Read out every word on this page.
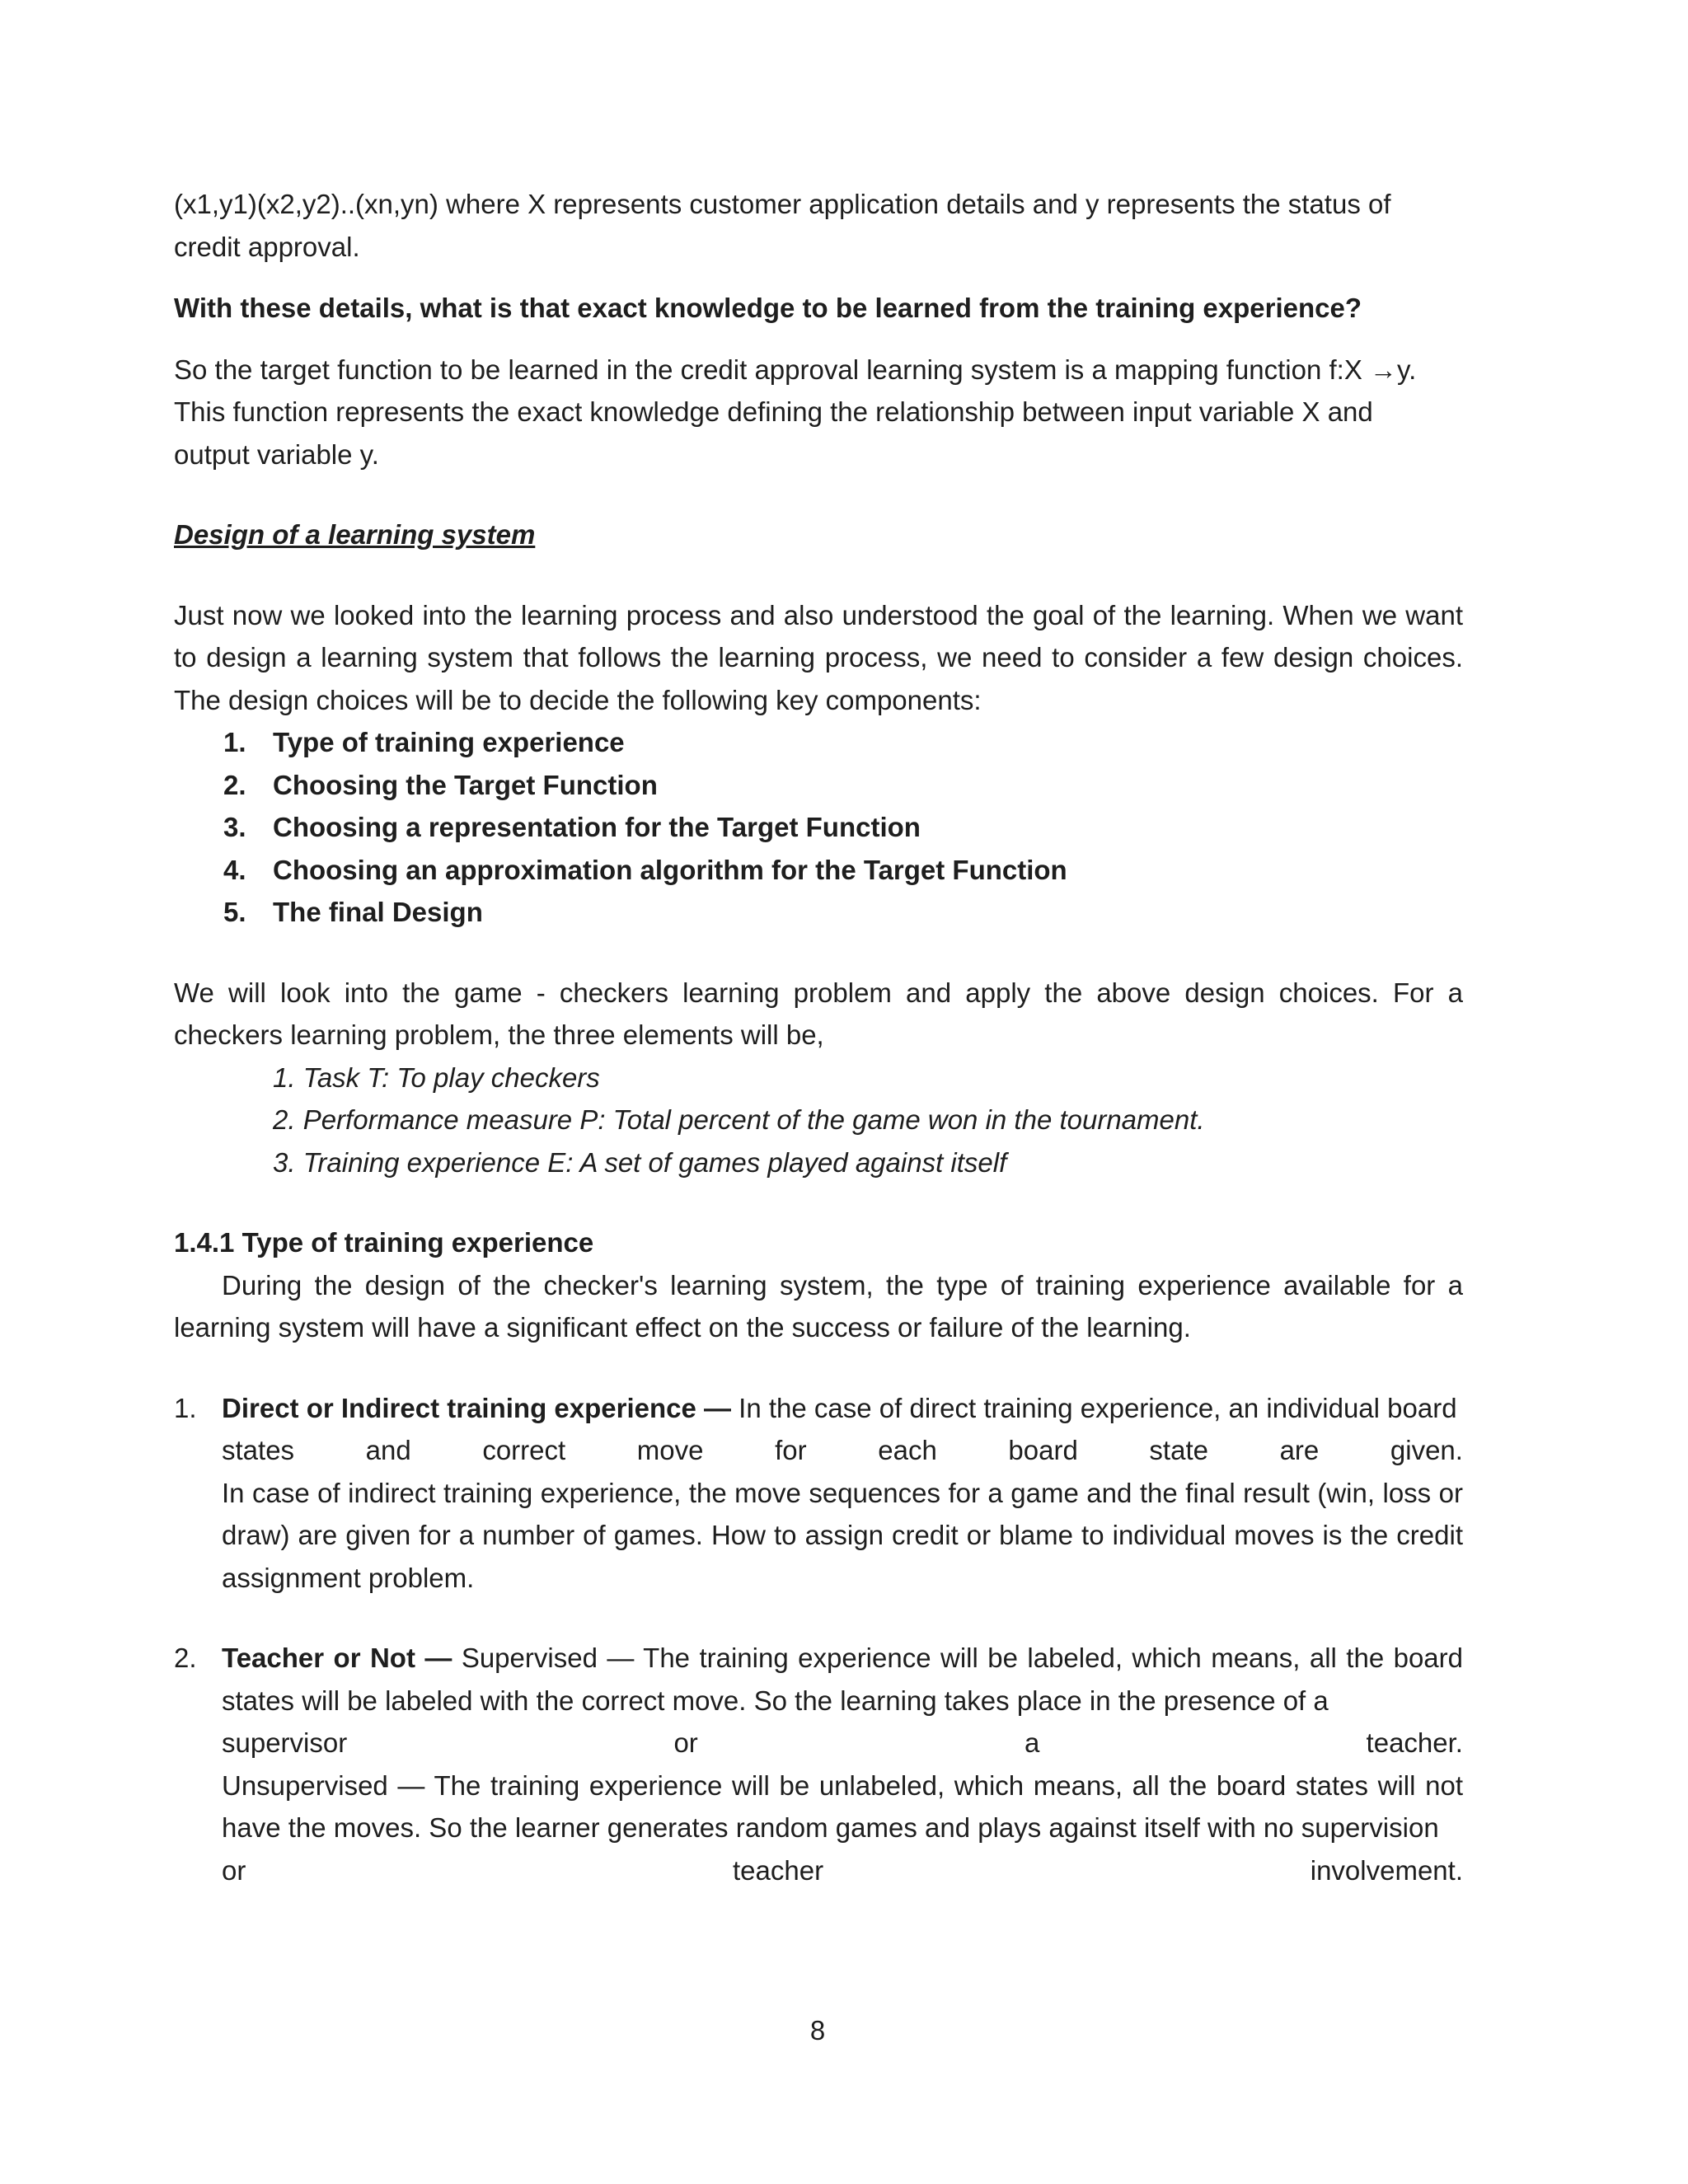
(x1,y1)(x2,y2)..(xn,yn) where X represents customer application details and y represents the status of

credit approval.

With these details, what is that exact knowledge to be learned from the training experience?

So the target function to be learned in the credit approval learning system is a mapping function f:X →y.

This function represents the exact knowledge defining the relationship between input variable X and

output variable y.

Design of a learning system

Just now we looked into the learning process and also understood the goal of the learning. When we want to design a learning system that follows the learning process, we need to consider a few design choices. The design choices will be to decide the following key components:

1. Type of training experience
2. Choosing the Target Function
3. Choosing a representation for the Target Function
4. Choosing an approximation algorithm for the Target Function
5. The final Design

We will look into the game - checkers learning problem and apply the above design choices. For a checkers learning problem, the three elements will be,

1. Task T: To play checkers

2. Performance measure P: Total percent of the game won in the tournament.

3. Training experience E: A set of games played against itself

1.4.1 Type of training experience

During the design of the checker's learning system, the type of training experience available for a learning system will have a significant effect on the success or failure of the learning.

1. Direct or Indirect training experience — In the case of direct training experience, an individual board
states	and	correct	move	for	each	board	state	are	given.

In case of indirect training experience, the move sequences for a game and the final result (win, loss or draw) are given for a number of games. How to assign credit or blame to individual moves is the credit assignment problem.

2. Teacher or Not — Supervised — The training experience will be labeled, which means, all the board states will be labeled with the correct move. So the learning takes place in the presence of a

supervisor	or	a	teacher.

Unsupervised — The training experience will be unlabeled, which means, all the board states will not have the moves. So the learner generates random games and plays against itself with no supervision

or	teacher	involvement.
8
